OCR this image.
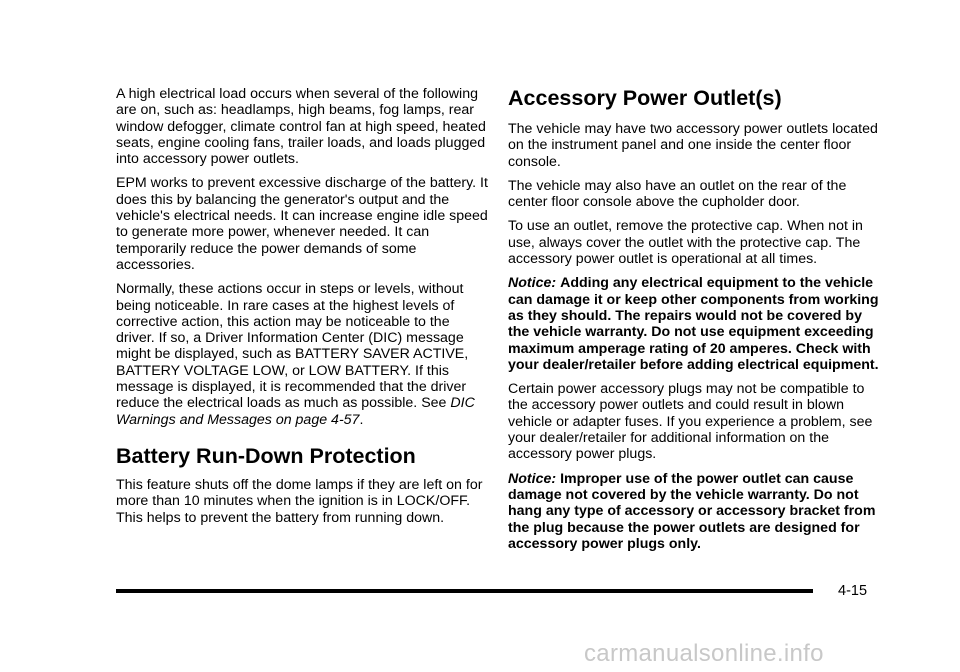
A high electrical load occurs when several of the following are on, such as: headlamps, high beams, fog lamps, rear window defogger, climate control fan at high speed, heated seats, engine cooling fans, trailer loads, and loads plugged into accessory power outlets.

EPM works to prevent excessive discharge of the battery. It does this by balancing the generator's output and the vehicle's electrical needs. It can increase engine idle speed to generate more power, whenever needed. It can temporarily reduce the power demands of some accessories.

Normally, these actions occur in steps or levels, without being noticeable. In rare cases at the highest levels of corrective action, this action may be noticeable to the driver. If so, a Driver Information Center (DIC) message might be displayed, such as BATTERY SAVER ACTIVE, BATTERY VOLTAGE LOW, or LOW BATTERY. If this message is displayed, it is recommended that the driver reduce the electrical loads as much as possible. See DIC Warnings and Messages on page 4-57.

Battery Run-Down Protection

This feature shuts off the dome lamps if they are left on for more than 10 minutes when the ignition is in LOCK/OFF. This helps to prevent the battery from running down.

Accessory Power Outlet(s)

The vehicle may have two accessory power outlets located on the instrument panel and one inside the center floor console.

The vehicle may also have an outlet on the rear of the center floor console above the cupholder door.

To use an outlet, remove the protective cap. When not in use, always cover the outlet with the protective cap. The accessory power outlet is operational at all times.

Notice: Adding any electrical equipment to the vehicle can damage it or keep other components from working as they should. The repairs would not be covered by the vehicle warranty. Do not use equipment exceeding maximum amperage rating of 20 amperes. Check with your dealer/retailer before adding electrical equipment.

Certain power accessory plugs may not be compatible to the accessory power outlets and could result in blown vehicle or adapter fuses. If you experience a problem, see your dealer/retailer for additional information on the accessory power plugs.

Notice: Improper use of the power outlet can cause damage not covered by the vehicle warranty. Do not hang any type of accessory or accessory bracket from the plug because the power outlets are designed for accessory power plugs only.

4-15
carmanualsonline.info
